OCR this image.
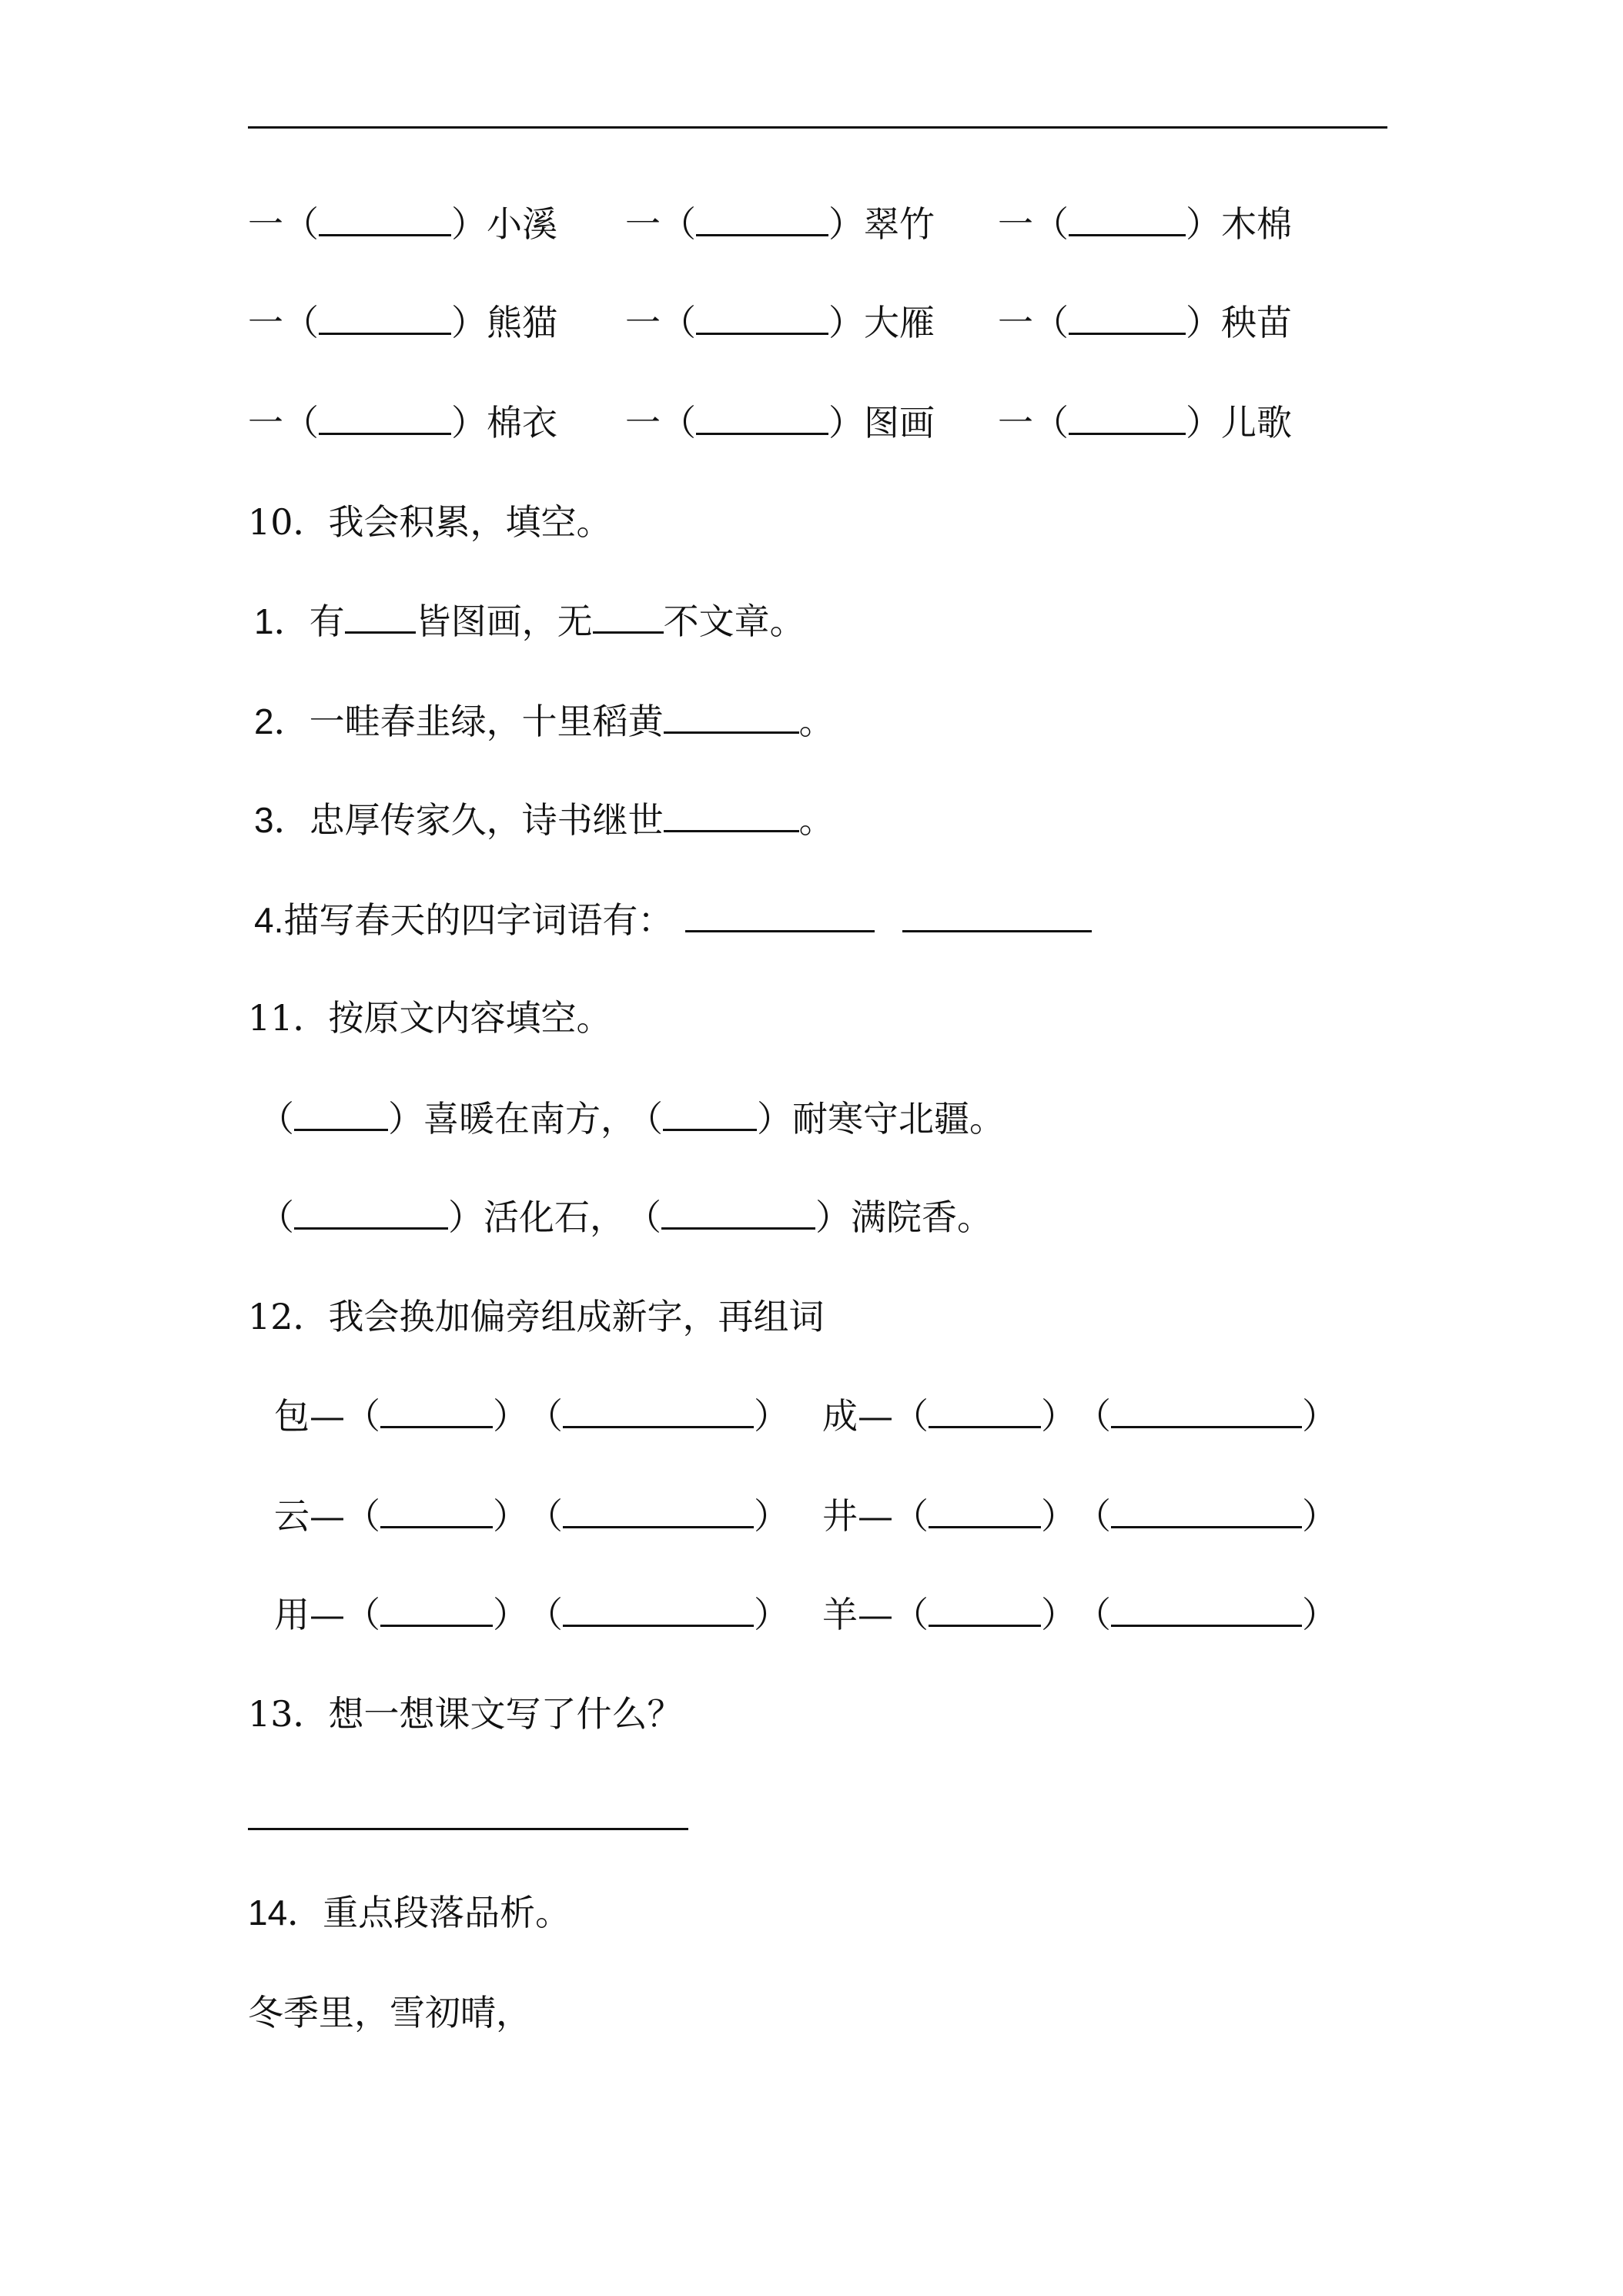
一（	）小溪 一（	）翠竹 一（	）木棉
一（	）熊猫 一（	）大雁 一（	）秧苗
一（	）棉衣 一（	）图画 一（	）儿歌
10．我会积累，填空。
1．有 皆图画，无 不文章。
2．一畦春韭绿，十里稻黄	。
3．忠厚传家久，诗书继世	。
4.描写春天的四字词语有：
11．按原文内容填空。
（	）喜暖在南方， （	）耐寒守北疆。
（	）活化石， （	）满院香。
12．我会换加偏旁组成新字，再组词
包—（	） （	） 成—（	） （	）
云—（	） （	） 井—（	） （	）
用—（	） （	） 羊—（	） （	）
13．想一想课文写了什么？
14．重点段落品析。
冬季里，雪初晴，
